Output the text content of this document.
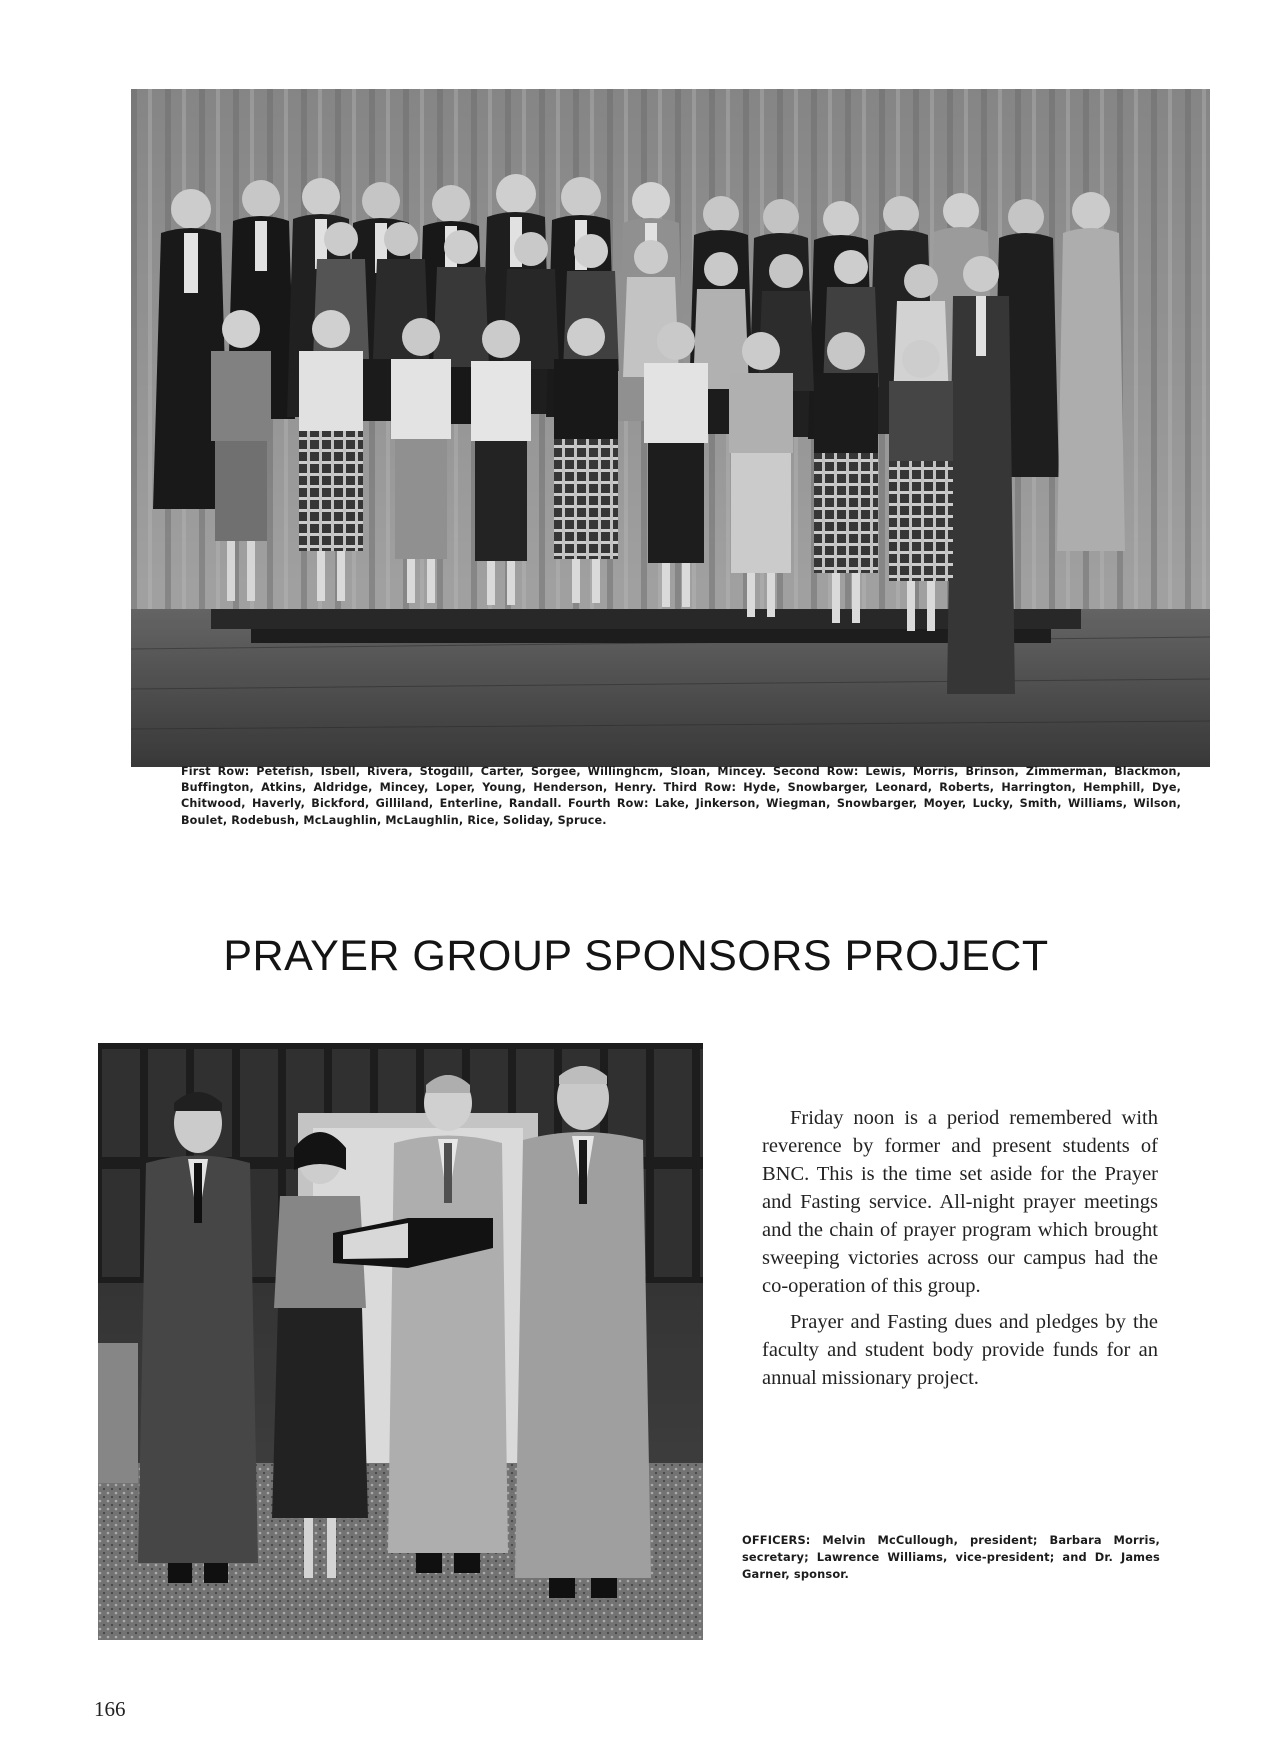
First Row: Petefish, Isbell, Rivera, Stogdill, Carter, Sorgee, Willinghcm, Sloan, Mincey. Second Row: Lewis, Morris, Brinson, Zimmerman, Blackmon, Buffington, Atkins, Aldridge, Mincey, Loper, Young, Henderson, Henry. Third Row: Hyde, Snowbarger, Leonard, Roberts, Harrington, Hemphill, Dye, Chitwood, Haverly, Bickford, Gilliland, Enterline, Randall. Fourth Row: Lake, Jinkerson, Wiegman, Snowbarger, Moyer, Lucky, Smith, Williams, Wilson, Boulet, Rodebush, McLaughlin, McLaughlin, Rice, Soliday, Spruce.
PRAYER GROUP SPONSORS PROJECT

Friday noon is a period remembered with reverence by former and present students of BNC. This is the time set aside for the Prayer and Fasting service. All-night prayer meetings and the chain of prayer program which brought sweeping victories across our campus had the co-operation of this group.

Prayer and Fasting dues and pledges by the faculty and student body provide funds for an annual missionary project.

OFFICERS: Melvin McCullough, president; Barbara Morris, secretary; Lawrence Williams, vice-president; and Dr. James Garner, sponsor.
166
